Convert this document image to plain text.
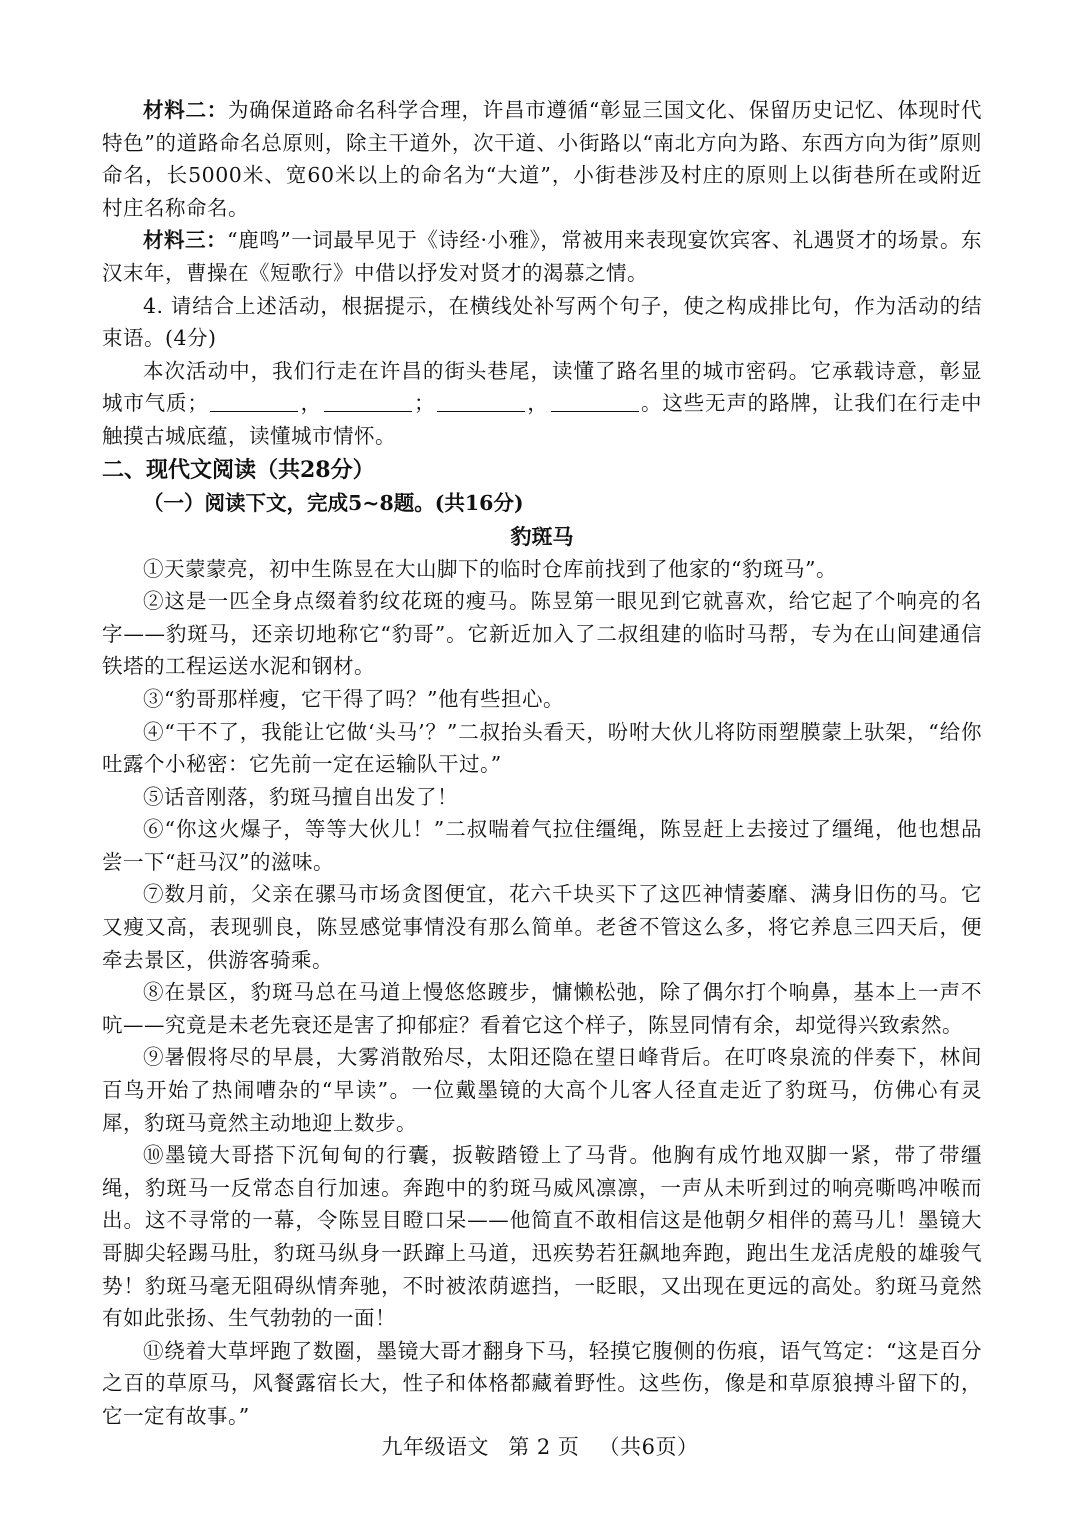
材料二：为确保道路命名科学合理，许昌市遵循“彰显三国文化、保留历史记忆、体现时代特色”的道路命名总原则，除主干道外，次干道、小街路以“南北方向为路、东西方向为街”原则命名，长5000米、宽60米以上的命名为“大道”，小街巷涉及村庄的原则上以街巷所在或附近村庄名称命名。

材料三：“鹿鸣”一词最早见于《诗经·小雅》，常被用来表现宴饮宾客、礼遇贤才的场景。东汉末年，曹操在《短歌行》中借以抒发对贤才的渴慕之情。

4. 请结合上述活动，根据提示，在横线处补写两个句子，使之构成排比句，作为活动的结束语。(4分)

本次活动中，我们行走在许昌的街头巷尾，读懂了路名里的城市密码。它承载诗意，彰显城市气质；	，	；	，	。这些无声的路牌，让我们在行走中触摸古城底蕴，读懂城市情怀。

二、现代文阅读（共28分）

（一）阅读下文，完成5~8题。(共16分)

豹斑马

①天蒙蒙亮，初中生陈昱在大山脚下的临时仓库前找到了他家的“豹斑马”。

②这是一匹全身点缀着豹纹花斑的瘦马。陈昱第一眼见到它就喜欢，给它起了个响亮的名字——豹斑马，还亲切地称它“豹哥”。它新近加入了二叔组建的临时马帮，专为在山间建通信铁塔的工程运送水泥和钢材。

③“豹哥那样瘦，它干得了吗？”他有些担心。

④“干不了，我能让它做‘头马’？”二叔抬头看天，吩咐大伙儿将防雨塑膜蒙上驮架，“给你吐露个小秘密：它先前一定在运输队干过。”

⑤话音刚落，豹斑马擅自出发了！

⑥“你这火爆子，等等大伙儿！”二叔喘着气拉住缰绳，陈昱赶上去接过了缰绳，他也想品尝一下“赶马汉”的滋味。

⑦数月前，父亲在骡马市场贪图便宜，花六千块买下了这匹神情萎靡、满身旧伤的马。它又瘦又高，表现驯良，陈昱感觉事情没有那么简单。老爸不管这么多，将它养息三四天后，便牵去景区，供游客骑乘。

⑧在景区，豹斑马总在马道上慢悠悠踱步，慵懒松弛，除了偶尔打个响鼻，基本上一声不吭——究竟是未老先衰还是害了抑郁症？看着它这个样子，陈昱同情有余，却觉得兴致索然。

⑨暑假将尽的早晨，大雾消散殆尽，太阳还隐在望日峰背后。在叮咚泉流的伴奏下，林间百鸟开始了热闹嘈杂的“早读”。一位戴墨镜的大高个儿客人径直走近了豹斑马，仿佛心有灵犀，豹斑马竟然主动地迎上数步。

⑩墨镜大哥搭下沉甸甸的行囊，扳鞍踏镫上了马背。他胸有成竹地双脚一紧，带了带缰绳，豹斑马一反常态自行加速。奔跑中的豹斑马威风凛凛，一声从未听到过的响亮嘶鸣冲喉而出。这不寻常的一幕，令陈昱目瞪口呆——他简直不敢相信这是他朝夕相伴的蔫马儿！墨镜大哥脚尖轻踢马肚，豹斑马纵身一跃蹿上马道，迅疾势若狂飙地奔跑，跑出生龙活虎般的雄骏气势！豹斑马毫无阻碍纵情奔驰，不时被浓荫遮挡，一眨眼，又出现在更远的高处。豹斑马竟然有如此张扬、生气勃勃的一面！

⑪绕着大草坪跑了数圈，墨镜大哥才翻身下马，轻摸它腹侧的伤痕，语气笃定：“这是百分之百的草原马，风餐露宿长大，性子和体格都藏着野性。这些伤，像是和草原狼搏斗留下的，它一定有故事。”

九年级语文 第 2 页 （共6页）
